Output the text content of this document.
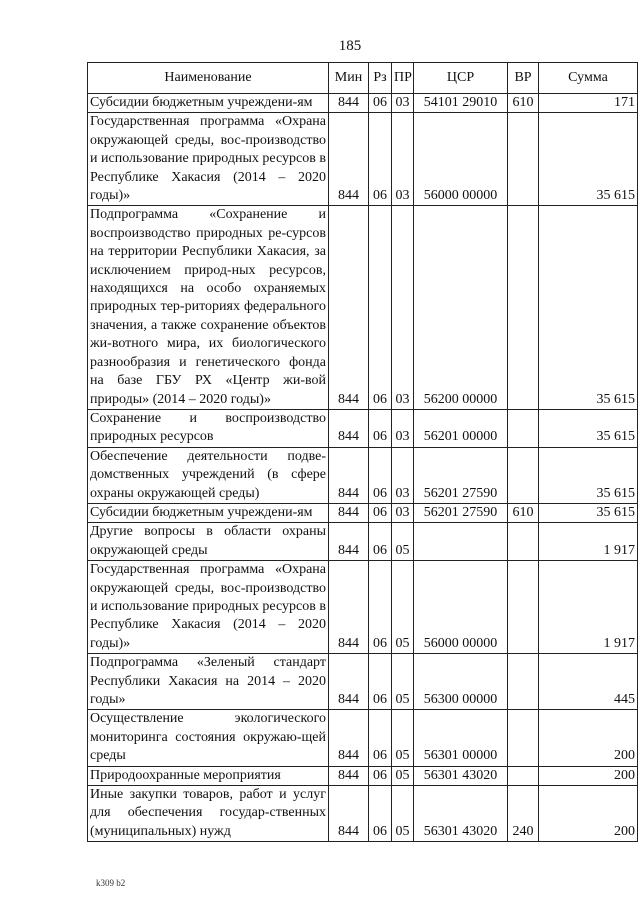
185
Наименование	Мин	Рз	ПР	ЦСР	ВР	Сумма
Субсидии бюджетным учреждени-ям	844	06	03	54101 29010	610	171
Государственная программа «Охрана окружающей среды, вос-производство и использование природных ресурсов в Республике Хакасия (2014 – 2020 годы)»	844	06	03	56000 00000		35 615
Подпрограмма «Сохранение и воспроизводство природных ре-сурсов на территории Республики Хакасия, за исключением природ-ных ресурсов, находящихся на особо охраняемых природных тер-риториях федерального значения, а также сохранение объектов жи-вотного мира, их биологического разнообразия и генетического фонда на базе ГБУ РХ «Центр жи-вой природы» (2014 – 2020 годы)»	844	06	03	56200 00000		35 615
Сохранение и воспроизводство природных ресурсов	844	06	03	56201 00000		35 615
Обеспечение деятельности подве-домственных учреждений (в сфере охраны окружающей среды)	844	06	03	56201 27590		35 615
Субсидии бюджетным учреждени-ям	844	06	03	56201 27590	610	35 615
Другие вопросы в области охраны окружающей среды	844	06	05			1 917
Государственная программа «Охрана окружающей среды, вос-производство и использование природных ресурсов в Республике Хакасия (2014 – 2020 годы)»	844	06	05	56000 00000		1 917
Подпрограмма «Зеленый стандарт Республики Хакасия на 2014 – 2020 годы»	844	06	05	56300 00000		445
Осуществление экологического мониторинга состояния окружаю-щей среды	844	06	05	56301 00000		200
Природоохранные мероприятия	844	06	05	56301 43020		200
Иные закупки товаров, работ и услуг для обеспечения государ-ственных (муниципальных) нужд	844	06	05	56301 43020	240	200
k309 b2
